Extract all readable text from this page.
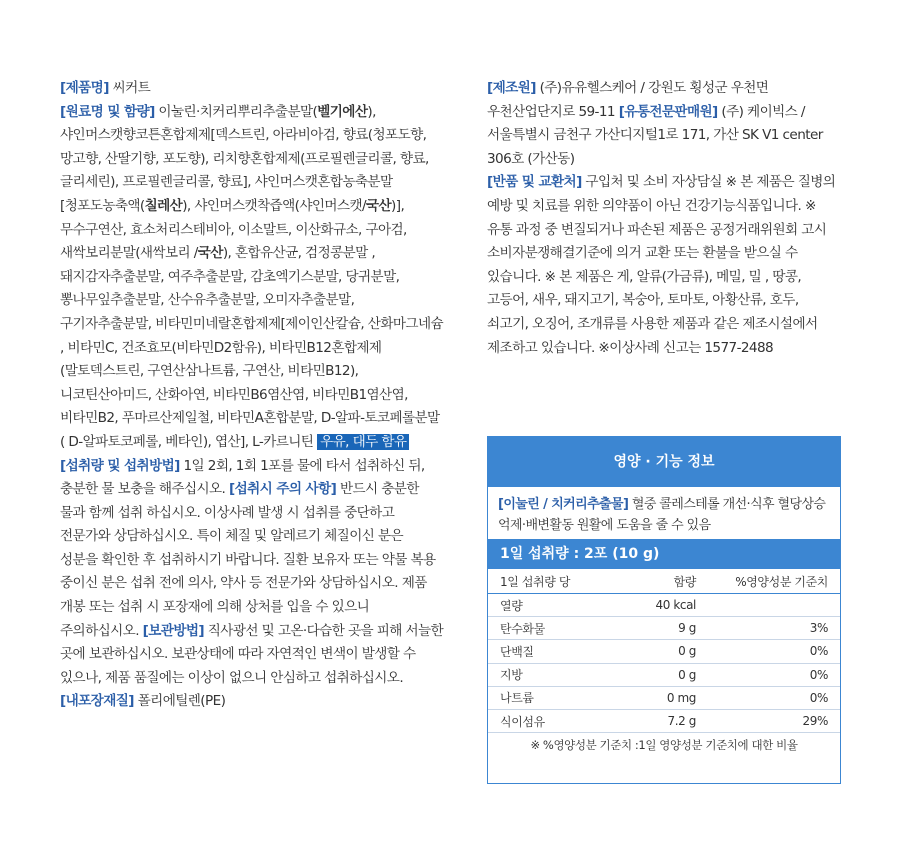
[제품명] 씨커트

[원료명 및 함량] 이눌린·치커리뿌리추출분말(벨기에산), 샤인머스캣향코튼혼합제제[덱스트린, 아라비아검, 향료(청포도향, 망고향, 산딸기향, 포도향), 리치향혼합제제(프로필렌글리콜, 향료, 글리세린), 프로필렌글리콜, 향료], 샤인머스캣혼합농축분말[청포도농축액(칠레산), 샤인머스캣착즙액(샤인머스캣/국산)], 무수구연산, 효소처리스테비아, 이소말트, 이산화규소, 구아검, 새싹보리분말(새싹보리 /국산), 혼합유산균, 검정콩분말 , 돼지감자추출분말, 여주추출분말, 감초엑기스분말, 당귀분말, 뽕나무잎추출분말, 산수유추출분말, 오미자추출분말, 구기자추출분말, 비타민미네랄혼합제제[제이인산칼슘, 산화마그네슘 , 비타민C, 건조효모(비타민D2함유), 비타민B12혼합제제(말토덱스트린, 구연산삼나트륨, 구연산, 비타민B12), 니코틴산아미드, 산화아연, 비타민B6염산염, 비타민B1염산염, 비타민B2, 푸마르산제일철, 비타민A혼합분말, D-알파-토코페롤분말( D-알파토코페롤, 베타인), 엽산], L-카르니틴 우유, 대두 함유

[섭취량 및 섭취방법] 1일 2회, 1회 1포를 물에 타서 섭취하신 뒤, 충분한 물 보충을 해주십시오. [섭취시 주의 사항] 반드시 충분한 물과 함께 섭취 하십시오. 이상사례 발생 시 섭취를 중단하고 전문가와 상담하십시오. 특이 체질 및 알레르기 체질이신 분은 성분을 확인한 후 섭취하시기 바랍니다. 질환 보유자 또는 약물 복용 중이신 분은 섭취 전에 의사, 약사 등 전문가와 상담하십시오. 제품 개봉 또는 섭취 시 포장재에 의해 상처를 입을 수 있으니 주의하십시오. [보관방법] 직사광선 및 고온·다습한 곳을 피해 서늘한 곳에 보관하십시오. 보관상태에 따라 자연적인 변색이 발생할 수 있으나, 제품 품질에는 이상이 없으니 안심하고 섭취하십시오.

[내포장재질] 폴리에틸렌(PE)

[제조원] (주)유유헬스케어 / 강원도 횡성군 우천면 우천산업단지로 59-11 [유통전문판매원] (주) 케이빅스 / 서울특별시 금천구 가산디지털1로 171, 가산 SK V1 center 306호 (가산동)

[반품 및 교환처] 구입처 및 소비 자상담실 ※ 본 제품은 질병의 예방 및 치료를 위한 의약품이 아닌 건강기능식품입니다. ※ 유통 과정 중 변질되거나 파손된 제품은 공정거래위원회 고시 소비자분쟁해결기준에 의거 교환 또는 환불을 받으실 수 있습니다. ※ 본 제품은 게, 알류(가금류), 메밀, 밀 , 땅콩, 고등어, 새우, 돼지고기, 복숭아, 토마토, 아황산류, 호두, 쇠고기, 오징어, 조개류를 사용한 제품과 같은 제조시설에서 제조하고 있습니다. ※이상사례 신고는 1577-2488

영양 · 기능 정보
[이눌린 / 치커리추출물] 혈중 콜레스테롤 개선·식후 혈당상승 억제·배변활동 원활에 도움을 줄 수 있음
1일 섭취량 : 2포 (10 g)
1일 섭취량 당	함량	%영양성분 기준치
열량	40 kcal	
탄수화물	9 g	3%
단백질	0 g	0%
지방	0 g	0%
나트륨	0 mg	0%
식이섬유	7.2 g	29%
※ %영양성분 기준치 :1일 영양성분 기준치에 대한 비율
